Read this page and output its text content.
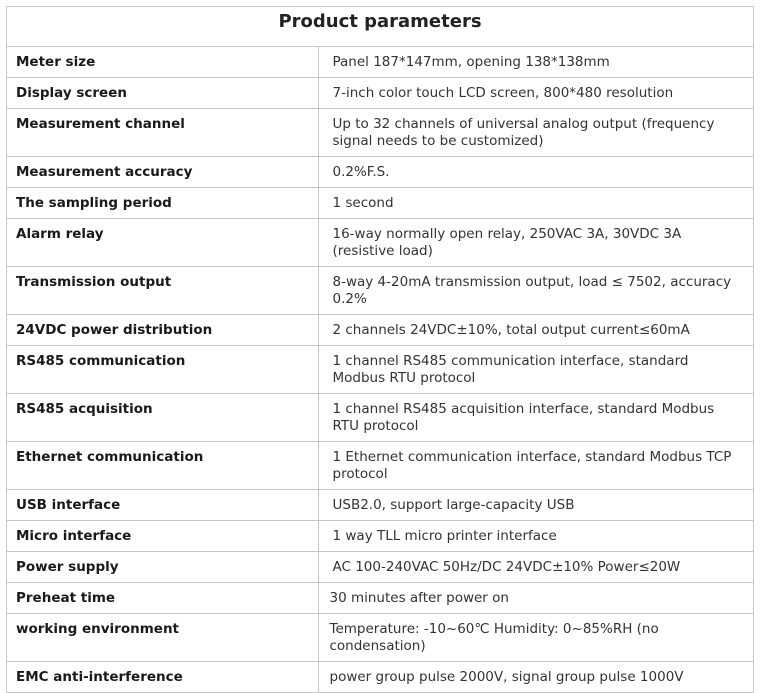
Product parameters
Meter size	Panel 187*147mm, opening 138*138mm
Display screen	7-inch color touch LCD screen, 800*480 resolution
Measurement channel	Up to 32 channels of universal analog output (frequency signal needs to be customized)
Measurement accuracy	0.2%F.S.
The sampling period	1 second
Alarm relay	16-way normally open relay, 250VAC 3A, 30VDC 3A (resistive load)
Transmission output	8-way 4-20mA transmission output, load ≤ 7502, accuracy 0.2%
24VDC power distribution	2 channels 24VDC±10%, total output current≤60mA
RS485 communication	1 channel RS485 communication interface, standard Modbus RTU protocol
RS485 acquisition	1 channel RS485 acquisition interface, standard Modbus RTU protocol
Ethernet communication	1 Ethernet communication interface, standard Modbus TCP protocol
USB interface	USB2.0, support large-capacity USB
Micro interface	1 way TLL micro printer interface
Power supply	AC 100-240VAC 50Hz/DC 24VDC±10% Power≤20W
Preheat time	30 minutes after power on
working environment	Temperature: -10~60℃ Humidity: 0~85%RH (no condensation)
EMC anti-interference	power group pulse 2000V, signal group pulse 1000V
